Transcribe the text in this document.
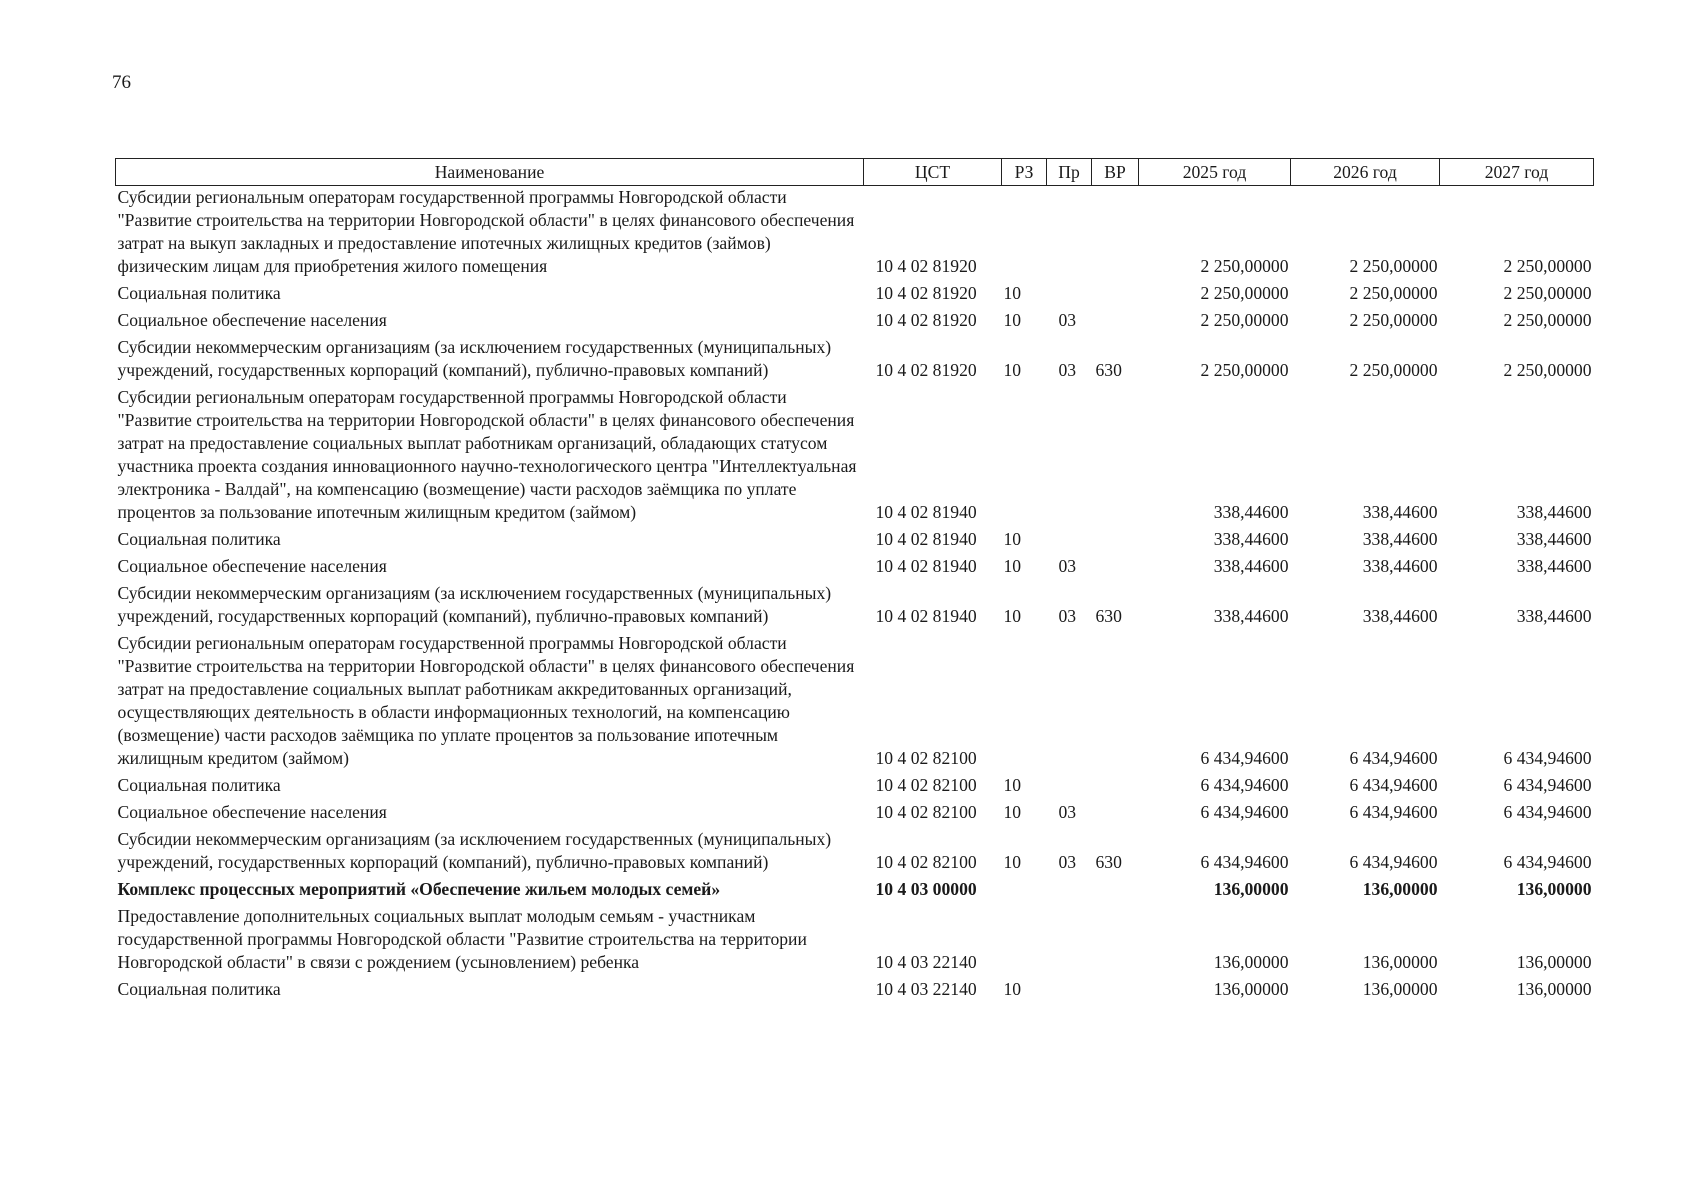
76
Наименование	ЦСТ	РЗ	Пр	ВР	2025 год	2026 год	2027 год
Субсидии региональным операторам государственной программы Новгородской области "Развитие строительства на территории Новгородской области" в целях финансового обеспечения затрат на выкуп закладных и предоставление ипотечных жилищных кредитов (займов) физическим лицам для приобретения жилого помещения	10 4 02 81920				2 250,00000	2 250,00000	2 250,00000
Социальная политика	10 4 02 81920	10			2 250,00000	2 250,00000	2 250,00000
Социальное обеспечение населения	10 4 02 81920	10	03		2 250,00000	2 250,00000	2 250,00000
Субсидии некоммерческим организациям (за исключением государственных (муниципальных) учреждений, государственных корпораций (компаний), публично-правовых компаний)	10 4 02 81920	10	03	630	2 250,00000	2 250,00000	2 250,00000
Субсидии региональным операторам государственной программы Новгородской области "Развитие строительства на территории Новгородской области" в целях финансового обеспечения затрат на предоставление социальных выплат работникам организаций, обладающих статусом участника проекта создания инновационного научно-технологического центра "Интеллектуальная электроника - Валдай", на компенсацию (возмещение) части расходов заёмщика по уплате процентов за пользование ипотечным жилищным кредитом (займом)	10 4 02 81940				338,44600	338,44600	338,44600
Социальная политика	10 4 02 81940	10			338,44600	338,44600	338,44600
Социальное обеспечение населения	10 4 02 81940	10	03		338,44600	338,44600	338,44600
Субсидии некоммерческим организациям (за исключением государственных (муниципальных) учреждений, государственных корпораций (компаний), публично-правовых компаний)	10 4 02 81940	10	03	630	338,44600	338,44600	338,44600
Субсидии региональным операторам государственной программы Новгородской области "Развитие строительства на территории Новгородской области" в целях финансового обеспечения затрат на предоставление социальных выплат работникам аккредитованных организаций, осуществляющих деятельность в области информационных технологий, на компенсацию (возмещение) части расходов заёмщика по уплате процентов за пользование ипотечным жилищным кредитом (займом)	10 4 02 82100				6 434,94600	6 434,94600	6 434,94600
Социальная политика	10 4 02 82100	10			6 434,94600	6 434,94600	6 434,94600
Социальное обеспечение населения	10 4 02 82100	10	03		6 434,94600	6 434,94600	6 434,94600
Субсидии некоммерческим организациям (за исключением государственных (муниципальных) учреждений, государственных корпораций (компаний), публично-правовых компаний)	10 4 02 82100	10	03	630	6 434,94600	6 434,94600	6 434,94600
Комплекс процессных мероприятий «Обеспечение жильем молодых семей»	10 4 03 00000				136,00000	136,00000	136,00000
Предоставление дополнительных социальных выплат молодым семьям - участникам государственной программы Новгородской области "Развитие строительства на территории Новгородской области" в связи с рождением (усыновлением) ребенка	10 4 03 22140				136,00000	136,00000	136,00000
Социальная политика	10 4 03 22140	10			136,00000	136,00000	136,00000
